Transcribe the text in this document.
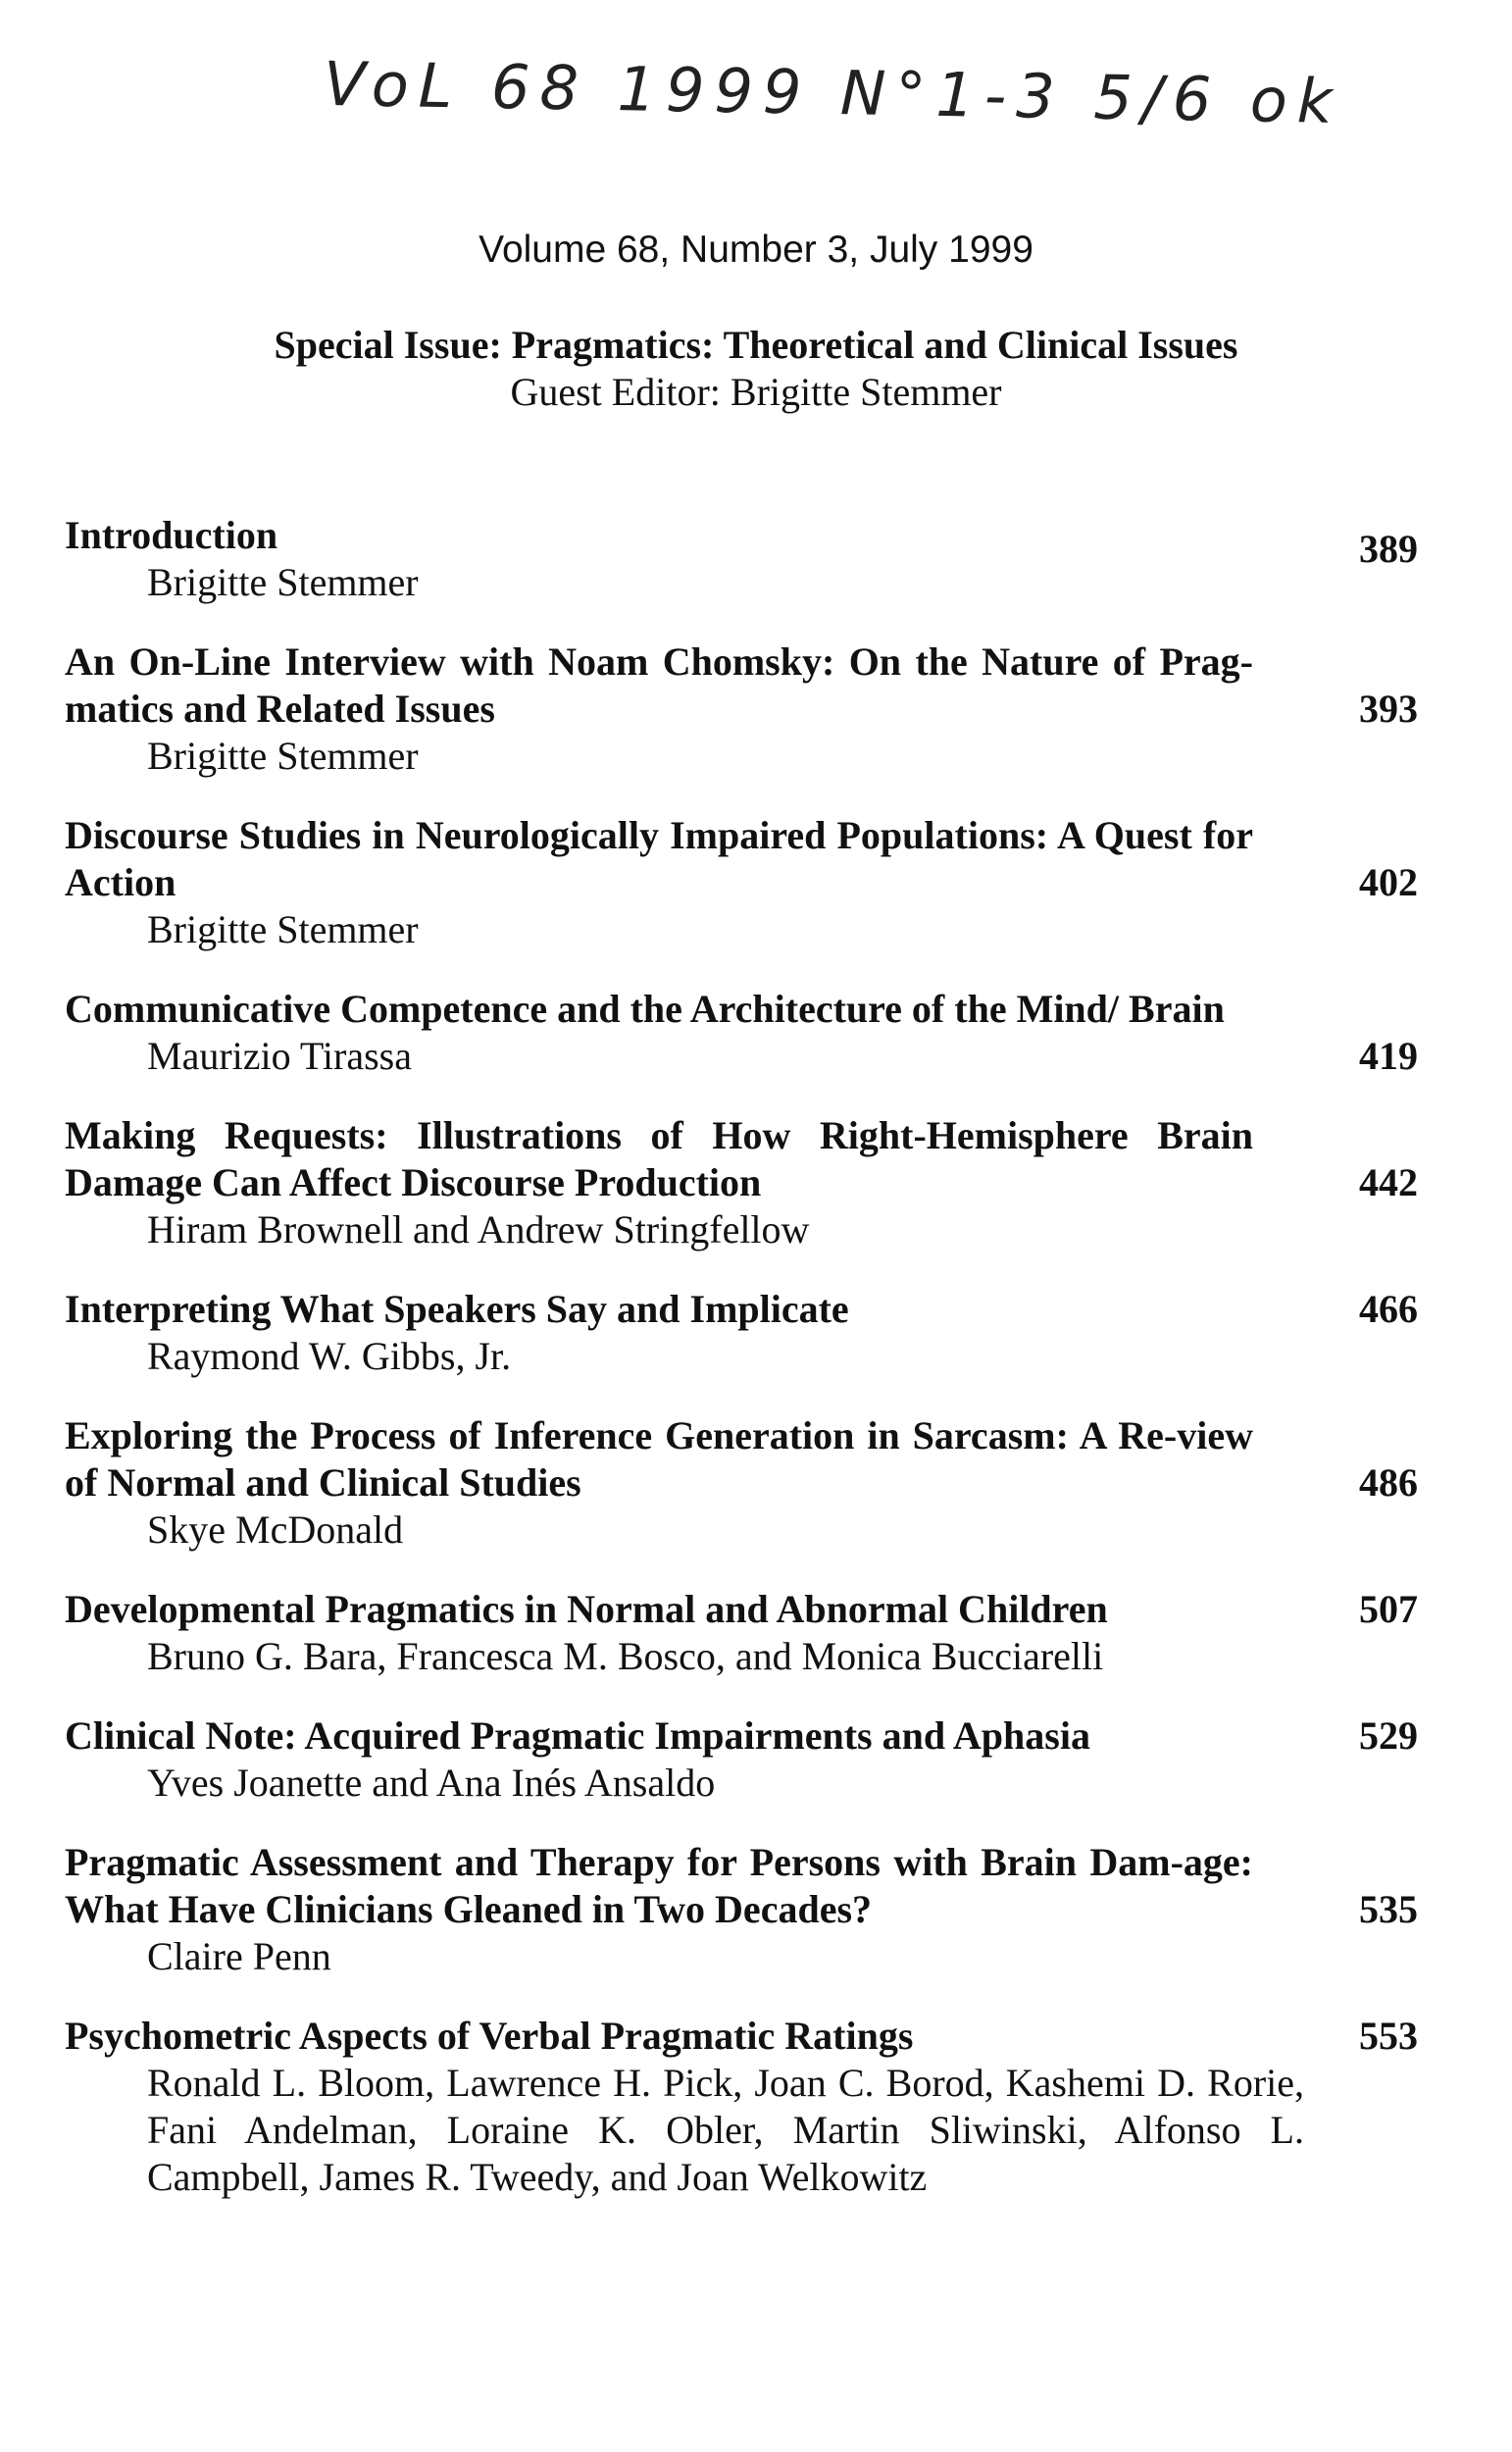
VoL 68 1999 N°1-3 5/6 ok
Volume 68, Number 3, July 1999
Special Issue: Pragmatics: Theoretical and Clinical Issues
Guest Editor: Brigitte Stemmer
Introduction
Brigitte Stemmer
389
An On-Line Interview with Noam Chomsky: On the Nature of Prag-matics and Related Issues
Brigitte Stemmer
393
Discourse Studies in Neurologically Impaired Populations: A Quest for Action
Brigitte Stemmer
402
Communicative Competence and the Architecture of the Mind/ Brain
Maurizio Tirassa	419
Making Requests: Illustrations of How Right-Hemisphere Brain Damage Can Affect Discourse Production
Hiram Brownell and Andrew Stringfellow
442
Interpreting What Speakers Say and Implicate
Raymond W. Gibbs, Jr.
466
Exploring the Process of Inference Generation in Sarcasm: A Re-view of Normal and Clinical Studies
Skye McDonald
486
Developmental Pragmatics in Normal and Abnormal Children
Bruno G. Bara, Francesca M. Bosco, and Monica Bucciarelli
507
Clinical Note: Acquired Pragmatic Impairments and Aphasia
Yves Joanette and Ana Inés Ansaldo
529
Pragmatic Assessment and Therapy for Persons with Brain Dam-age: What Have Clinicians Gleaned in Two Decades?
Claire Penn
535
Psychometric Aspects of Verbal Pragmatic Ratings
Ronald L. Bloom, Lawrence H. Pick, Joan C. Borod, Kashemi D. Rorie, Fani Andelman, Loraine K. Obler, Martin Sliwinski, Alfonso L. Campbell, James R. Tweedy, and Joan Welkowitz
553
